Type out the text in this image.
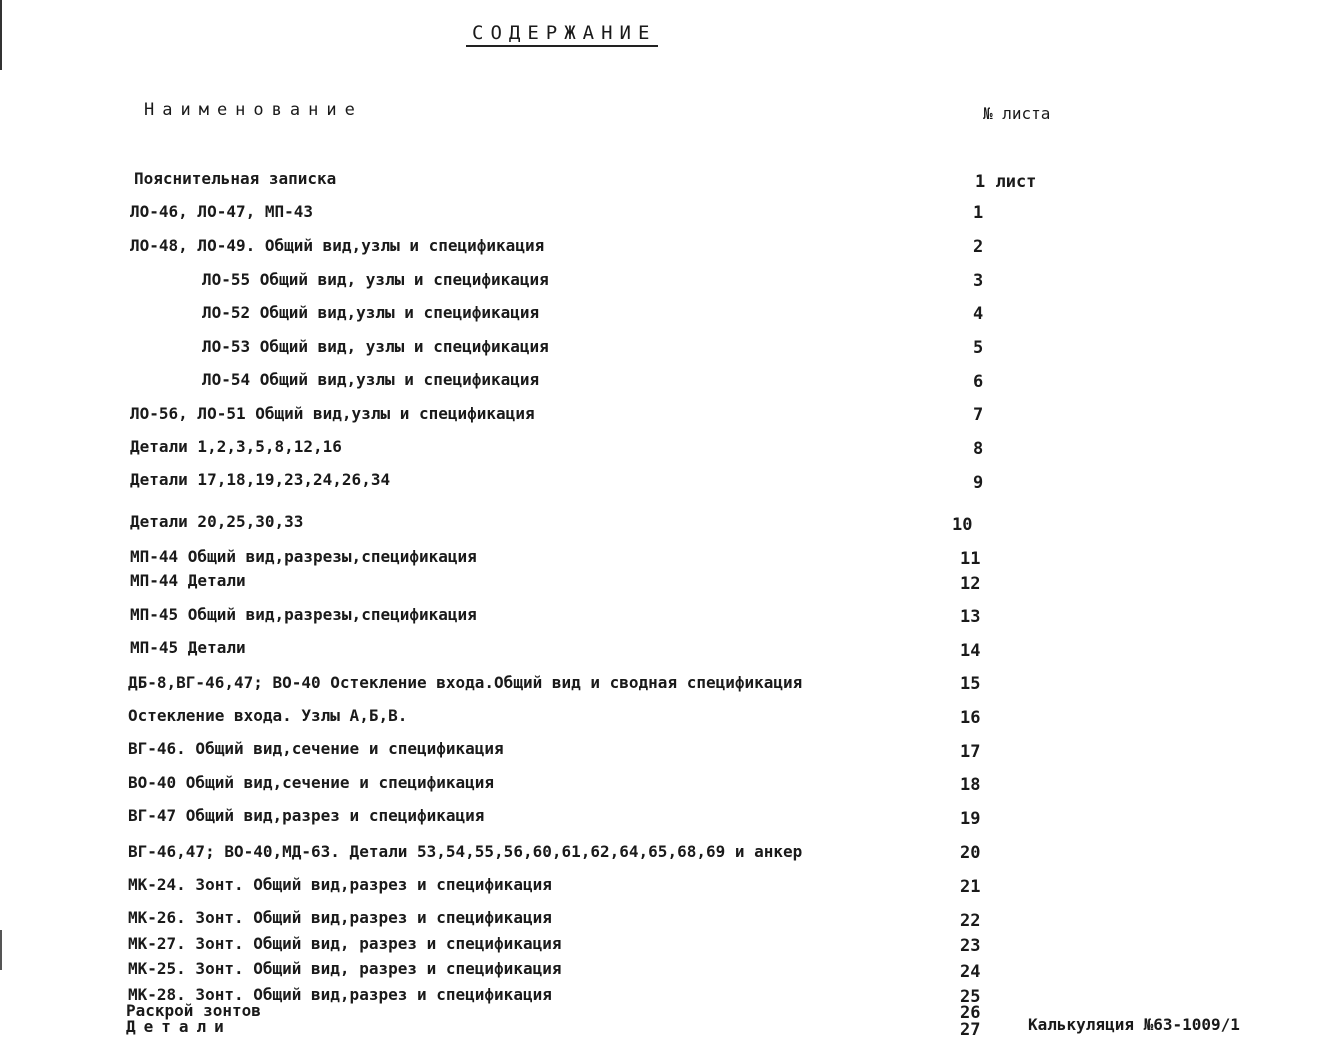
СОДЕРЖАНИЕ
Наименование	№ листа
Пояснительная записка	1 лист
ЛО-46, ЛО-47, МП-43	1
ЛО-48, ЛО-49. Общий вид,узлы и спецификация	2
ЛО-55 Общий вид, узлы и спецификация	3
ЛО-52 Общий вид,узлы и спецификация	4
ЛО-53 Общий вид, узлы и спецификация	5
ЛО-54 Общий вид,узлы и спецификация	6
ЛО-56, ЛО-51 Общий вид,узлы и спецификация	7
Детали 1,2,3,5,8,12,16	8
Детали 17,18,19,23,24,26,34	9
Детали 20,25,30,33	10
МП-44 Общий вид,разрезы,спецификация	11
МП-44 Детали	12
МП-45 Общий вид,разрезы,спецификация	13
МП-45 Детали	14
ДБ-8,ВГ-46,47; ВО-40 Остекление входа.Общий вид и сводная спецификация	15
Остекление входа. Узлы А,Б,В.	16
ВГ-46. Общий вид,сечение и спецификация	17
ВО-40 Общий вид,сечение и спецификация	18
ВГ-47 Общий вид,разрез и спецификация	19
ВГ-46,47; ВО-40,МД-63. Детали 53,54,55,56,60,61,62,64,65,68,69 и анкер	20
МК-24. Зонт. Общий вид,разрез и спецификация	21
МК-26. Зонт. Общий вид,разрез и спецификация	22
МК-27. Зонт. Общий вид, разрез и спецификация	23
МК-25. Зонт. Общий вид, разрез и спецификация	24
МК-28. Зонт. Общий вид,разрез и спецификация	25
Раскрой зонтов	26
Детали	27	Калькуляция №63-1009/1
